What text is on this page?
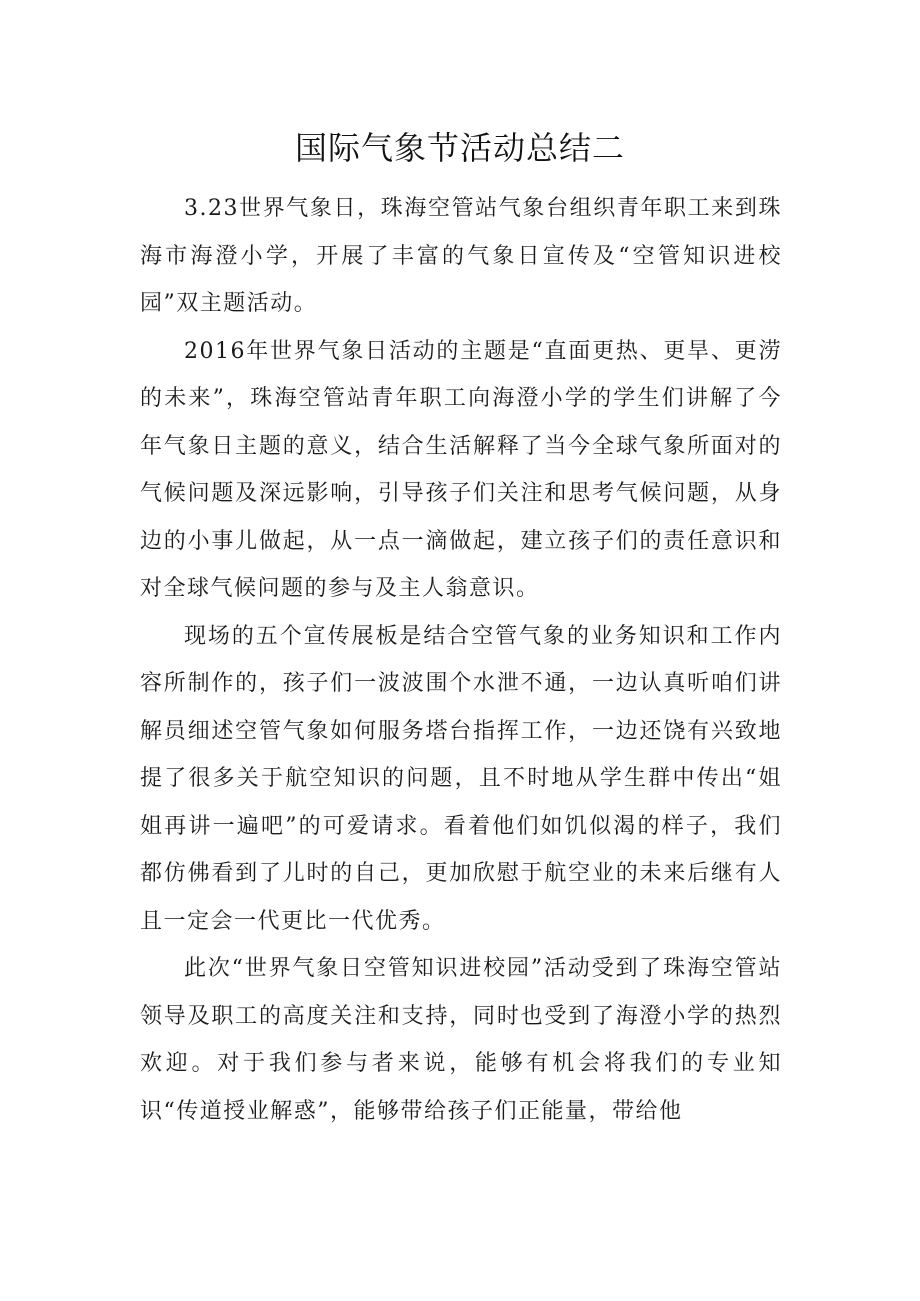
国际气象节活动总结二

3.23世界气象日，珠海空管站气象台组织青年职工来到珠海市海澄小学，开展了丰富的气象日宣传及“空管知识进校园”双主题活动。

2016年世界气象日活动的主题是“直面更热、更旱、更涝的未来”，珠海空管站青年职工向海澄小学的学生们讲解了今年气象日主题的意义，结合生活解释了当今全球气象所面对的气候问题及深远影响，引导孩子们关注和思考气候问题，从身边的小事儿做起，从一点一滴做起，建立孩子们的责任意识和对全球气候问题的参与及主人翁意识。

现场的五个宣传展板是结合空管气象的业务知识和工作内容所制作的，孩子们一波波围个水泄不通，一边认真听咱们讲解员细述空管气象如何服务塔台指挥工作，一边还饶有兴致地提了很多关于航空知识的问题，且不时地从学生群中传出“姐姐再讲一遍吧”的可爱请求。看着他们如饥似渴的样子，我们都仿佛看到了儿时的自己，更加欣慰于航空业的未来后继有人且一定会一代更比一代优秀。

此次“世界气象日空管知识进校园”活动受到了珠海空管站领导及职工的高度关注和支持，同时也受到了海澄小学的热烈欢迎。对于我们参与者来说，能够有机会将我们的专业知识“传道授业解惑”，能够带给孩子们正能量，带给他
